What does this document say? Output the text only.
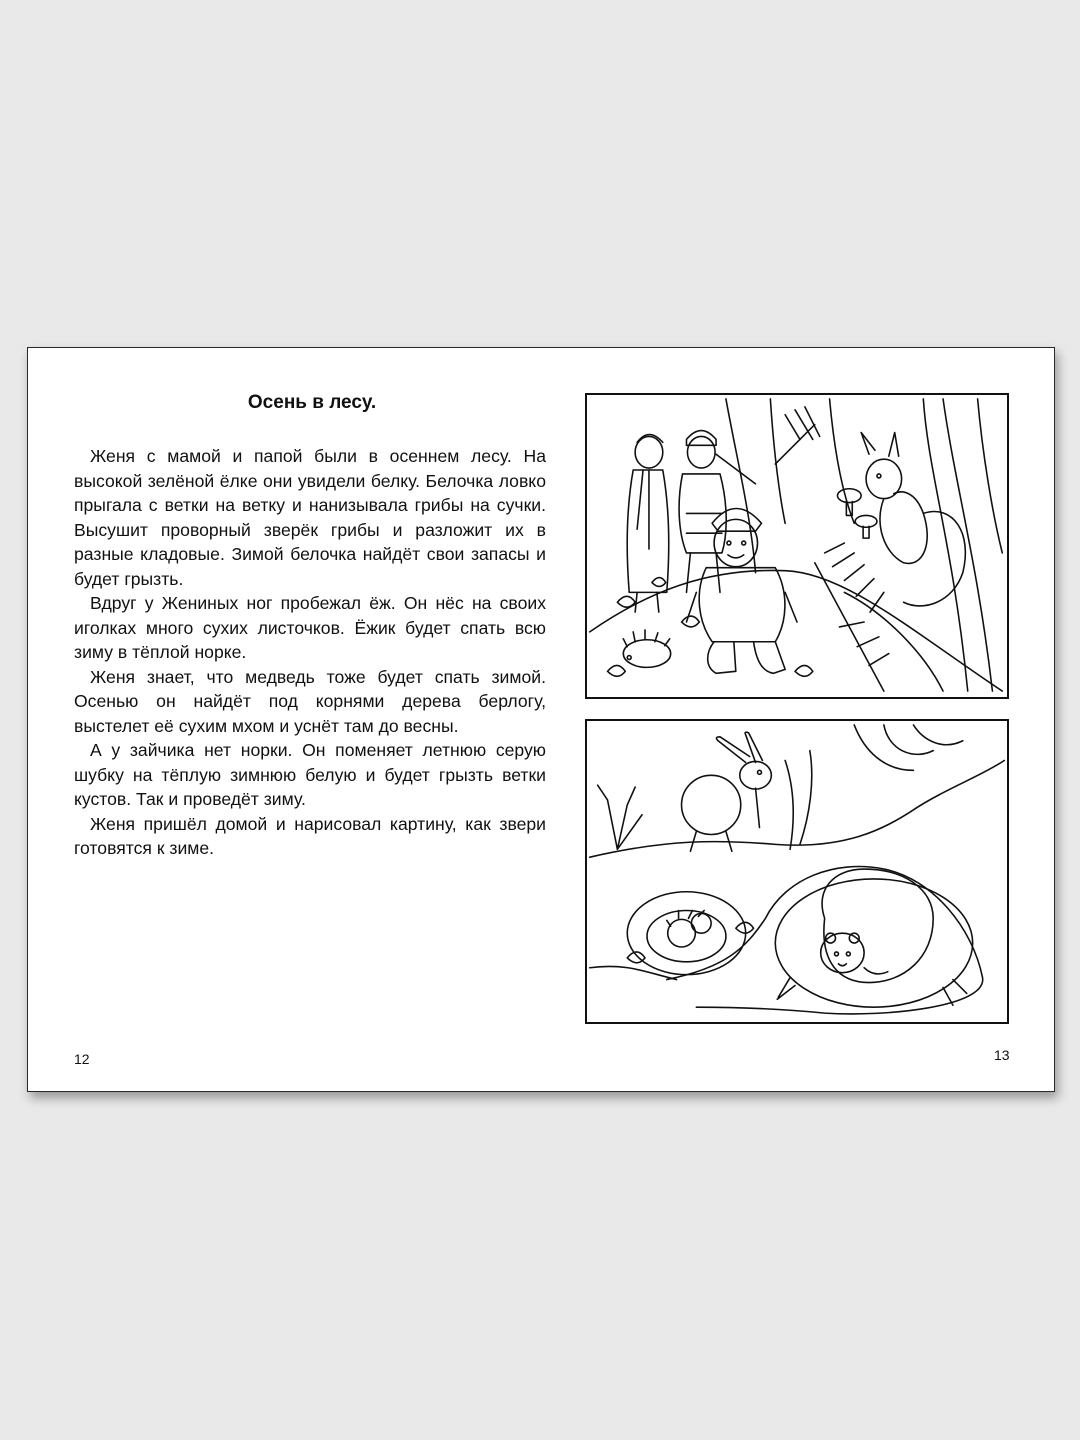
Осень в лесу.

Женя с мамой и папой были в осеннем лесу. На высокой зелёной ёлке они увидели белку. Белочка ловко прыгала с ветки на ветку и нанизывала грибы на сучки. Высушит проворный зверёк грибы и разложит их в разные кладовые. Зимой белочка найдёт свои запасы и будет грызть.

Вдруг у Жениных ног пробежал ёж. Он нёс на своих иголках много сухих листочков. Ёжик будет спать всю зиму в тёплой норке.

Женя знает, что медведь тоже будет спать зимой. Осенью он найдёт под корнями дерева берлогу, выстелет её сухим мхом и уснёт там до весны.

А у зайчика нет норки. Он поменяет летнюю серую шубку на тёплую зимнюю белую и будет грызть ветки кустов. Так и проведёт зиму.

Женя пришёл домой и нарисовал картину, как звери готовятся к зиме.

12	13
